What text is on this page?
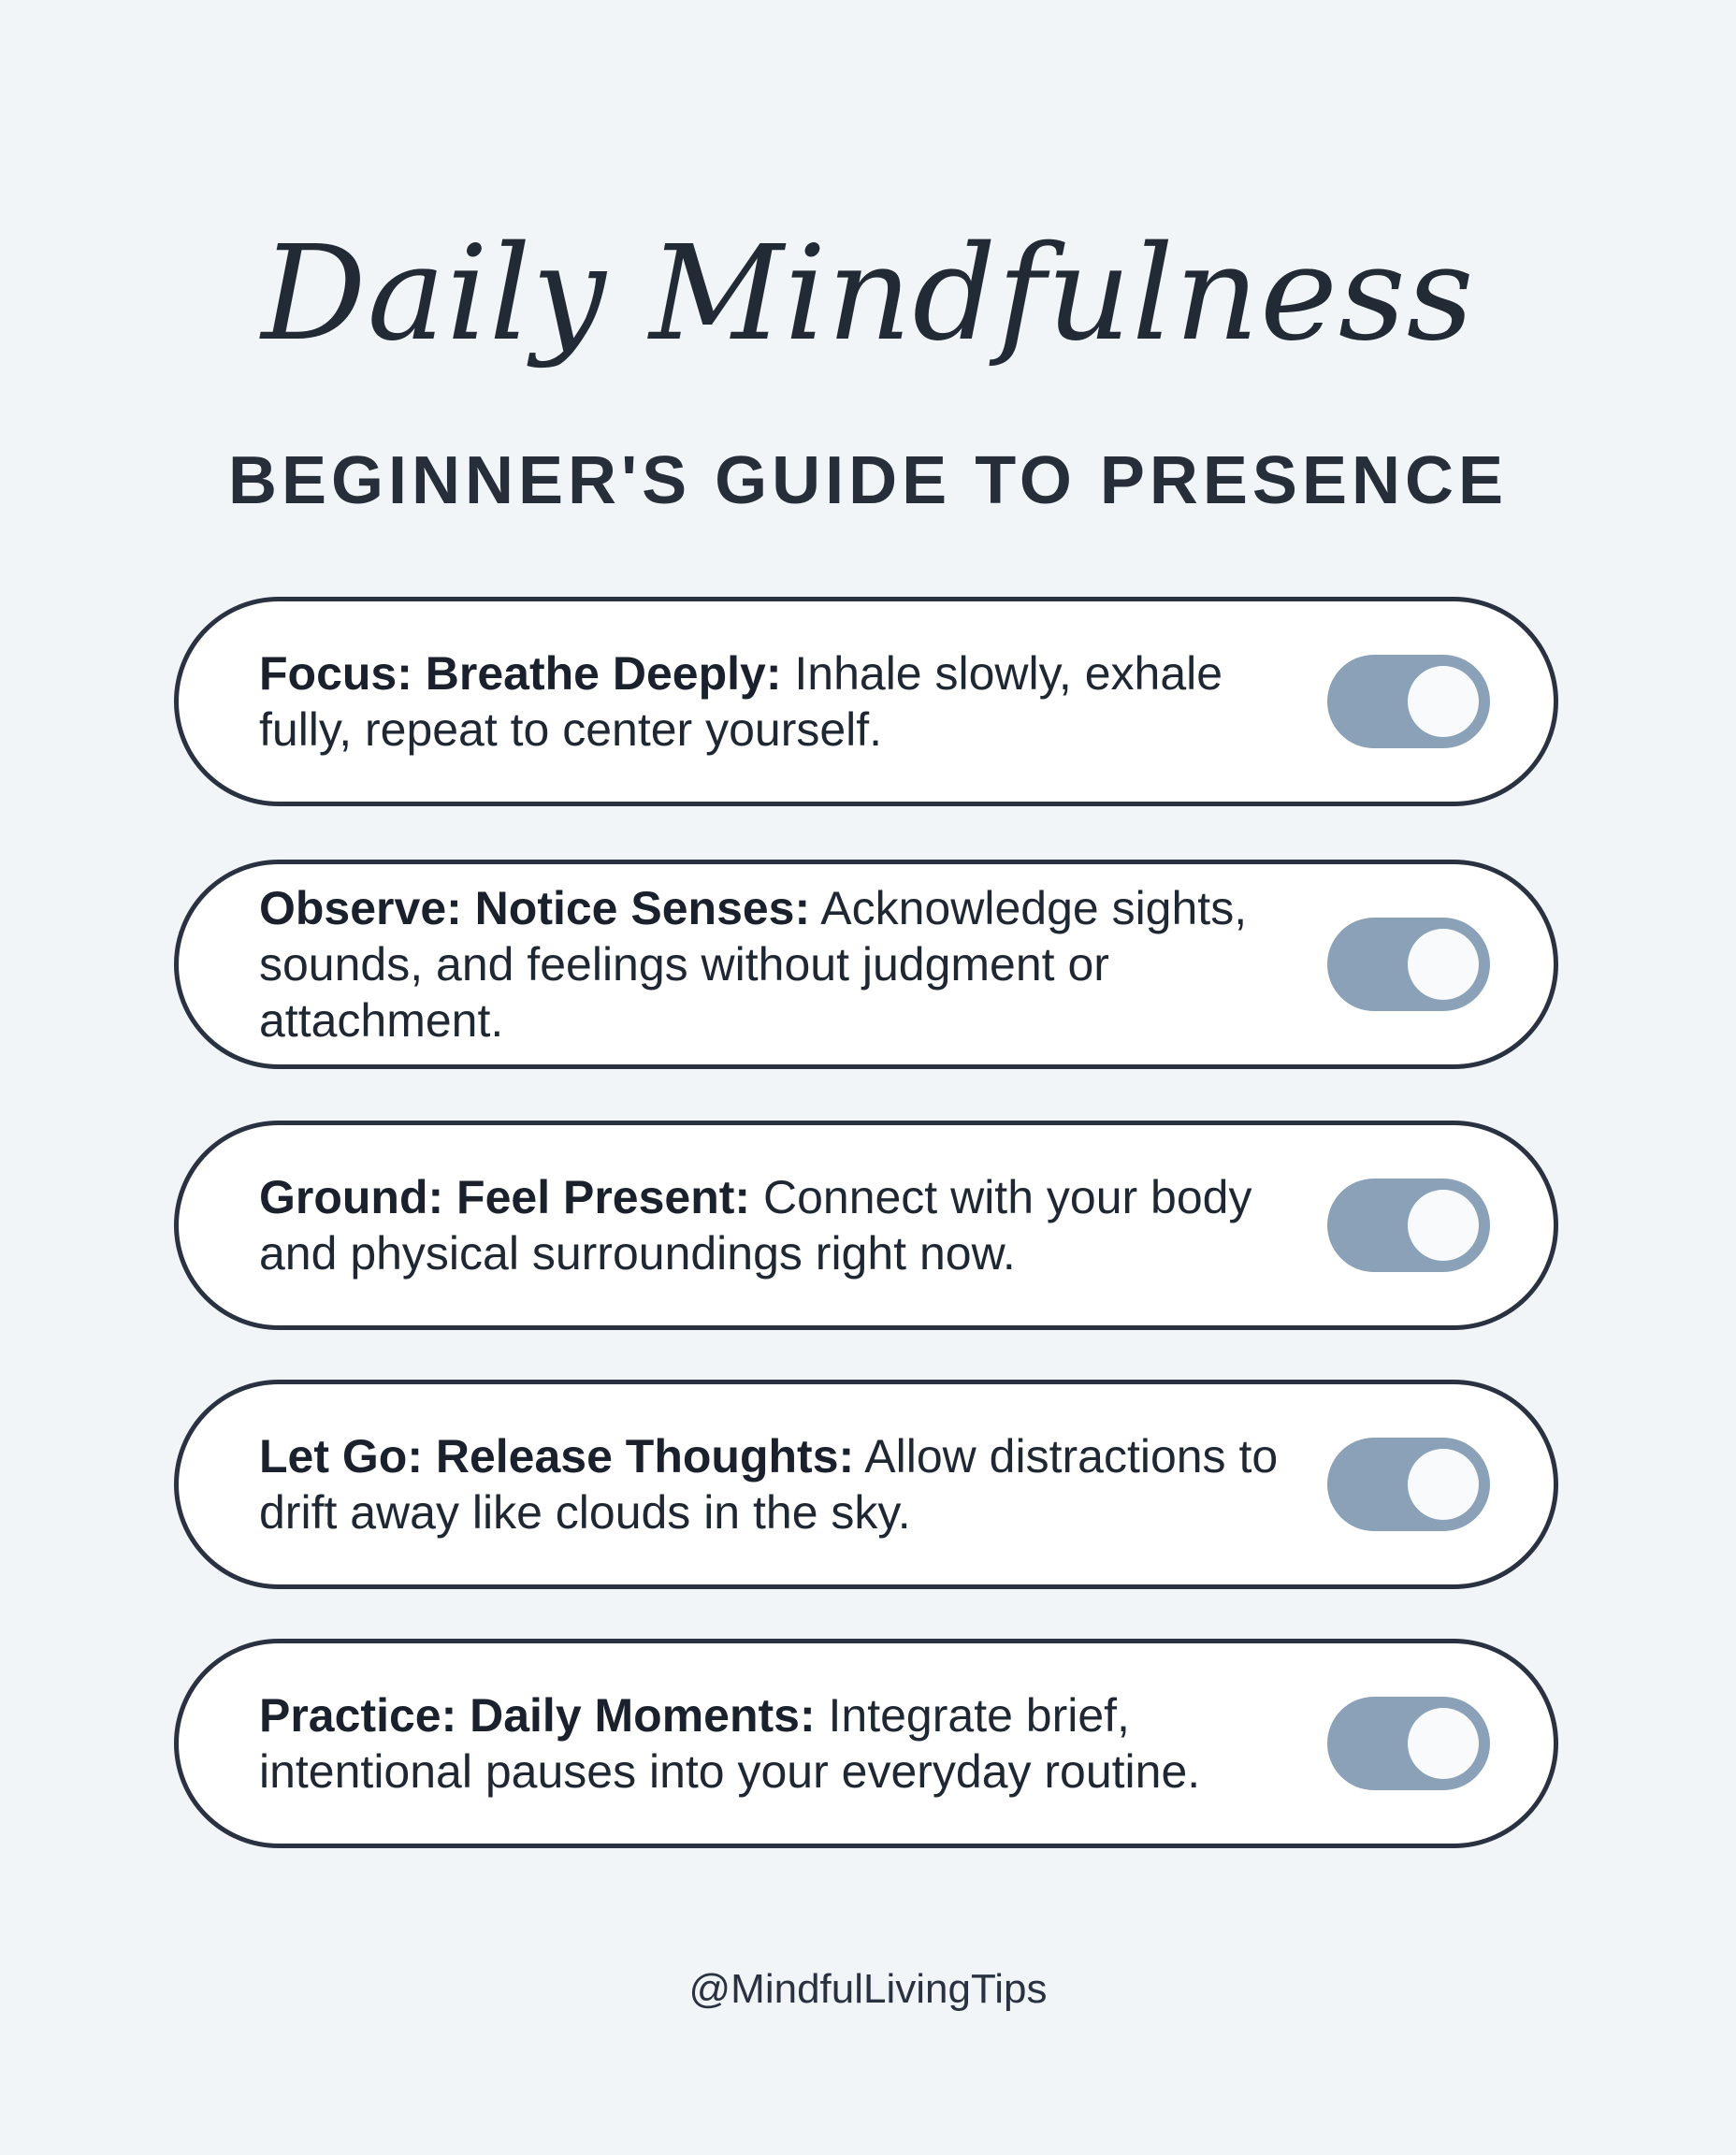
Daily Mindfulness
BEGINNER'S GUIDE TO PRESENCE
Focus: Breathe Deeply: Inhale slowly, exhale fully, repeat to center yourself.
Observe: Notice Senses: Acknowledge sights, sounds, and feelings without judgment or attachment.
Ground: Feel Present: Connect with your body and physical surroundings right now.
Let Go: Release Thoughts: Allow distractions to drift away like clouds in the sky.
Practice: Daily Moments: Integrate brief, intentional pauses into your everyday routine.
@MindfulLivingTips
